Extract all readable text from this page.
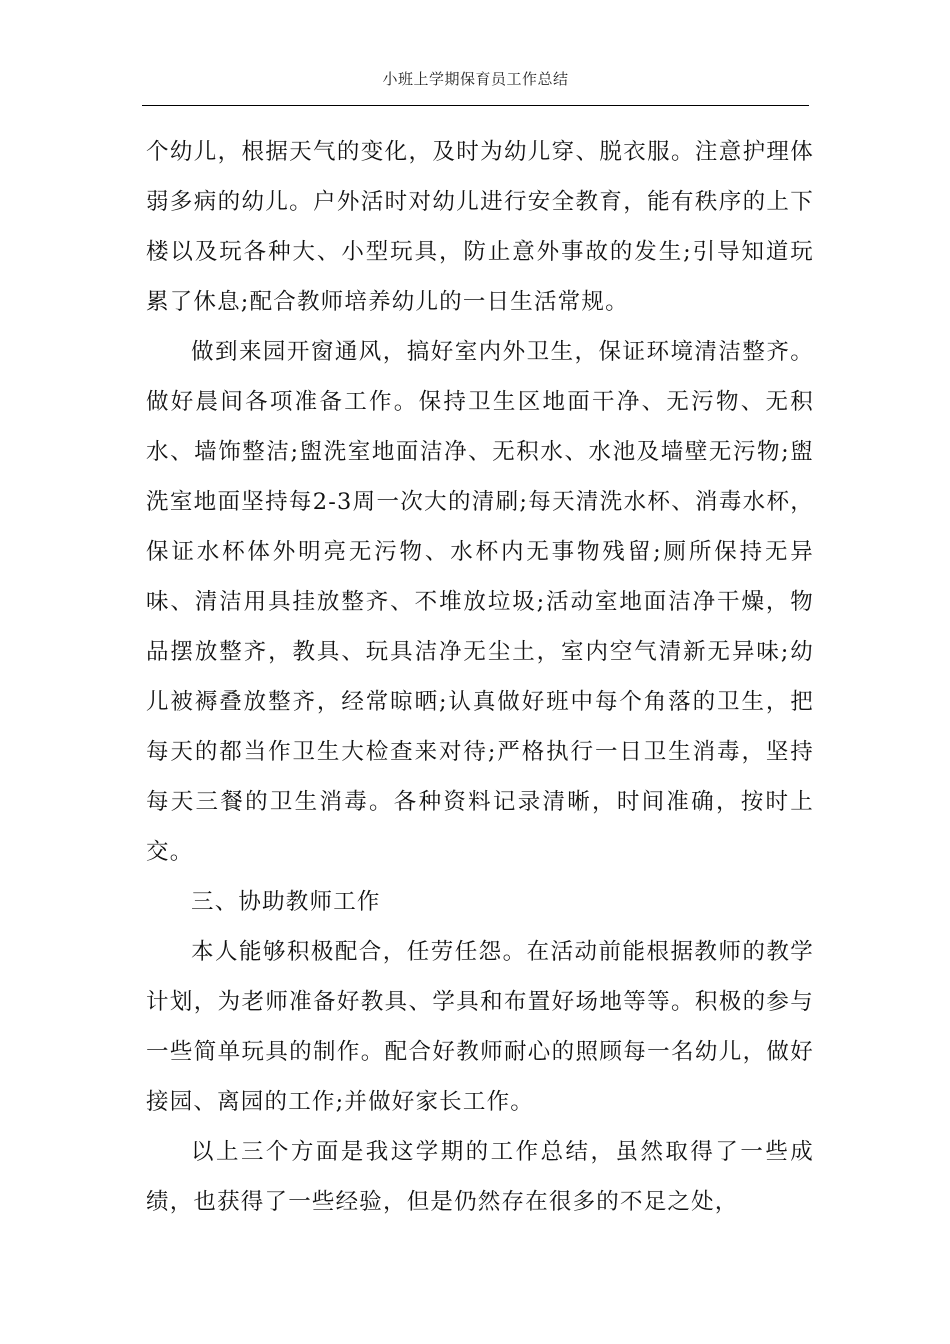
小班上学期保育员工作总结

个幼儿，根据天气的变化，及时为幼儿穿、脱衣服。注意护理体弱多病的幼儿。户外活时对幼儿进行安全教育，能有秩序的上下楼以及玩各种大、小型玩具，防止意外事故的发生;引导知道玩累了休息;配合教师培养幼儿的一日生活常规。

做到来园开窗通风，搞好室内外卫生，保证环境清洁整齐。做好晨间各项准备工作。保持卫生区地面干净、无污物、无积水、墙饰整洁;盥洗室地面洁净、无积水、水池及墙壁无污物;盥洗室地面坚持每2-3周一次大的清刷;每天清洗水杯、消毒水杯，保证水杯体外明亮无污物、水杯内无事物残留;厕所保持无异味、清洁用具挂放整齐、不堆放垃圾;活动室地面洁净干燥，物品摆放整齐，教具、玩具洁净无尘土，室内空气清新无异味;幼儿被褥叠放整齐，经常晾晒;认真做好班中每个角落的卫生，把每天的都当作卫生大检查来对待;严格执行一日卫生消毒，坚持每天三餐的卫生消毒。各种资料记录清晰，时间准确，按时上交。

三、协助教师工作

本人能够积极配合，任劳任怨。在活动前能根据教师的教学计划，为老师准备好教具、学具和布置好场地等等。积极的参与一些简单玩具的制作。配合好教师耐心的照顾每一名幼儿，做好接园、离园的工作;并做好家长工作。

以上三个方面是我这学期的工作总结，虽然取得了一些成绩，也获得了一些经验，但是仍然存在很多的不足之处，
